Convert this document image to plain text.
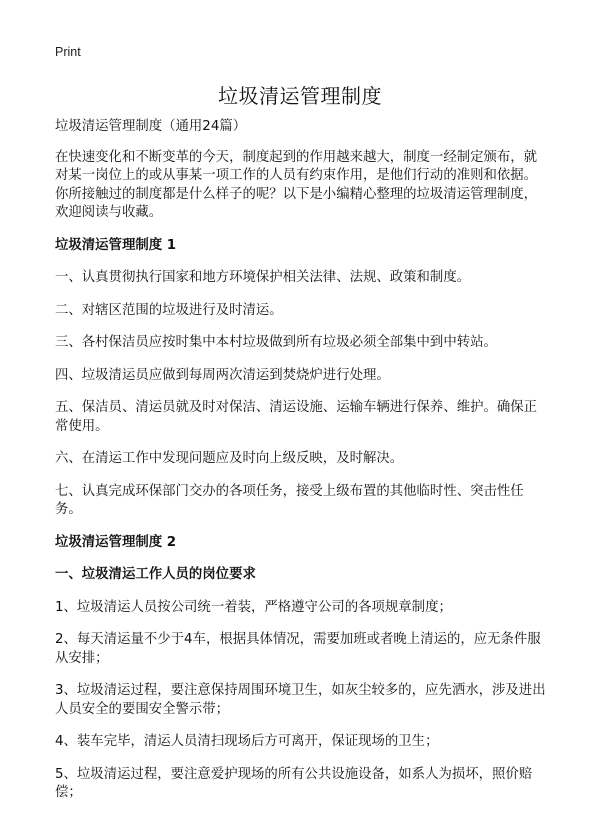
Print
垃圾清运管理制度

垃圾清运管理制度（通用24篇）

在快速变化和不断变革的今天，制度起到的作用越来越大，制度一经制定颁布，就对某一岗位上的或从事某一项工作的人员有约束作用，是他们行动的准则和依据。你所接触过的制度都是什么样子的呢？以下是小编精心整理的垃圾清运管理制度，欢迎阅读与收藏。

垃圾清运管理制度 1

一、认真贯彻执行国家和地方环境保护相关法律、法规、政策和制度。

二、对辖区范围的垃圾进行及时清运。

三、各村保洁员应按时集中本村垃圾做到所有垃圾必须全部集中到中转站。

四、垃圾清运员应做到每周两次清运到焚烧炉进行处理。

五、保洁员、清运员就及时对保洁、清运设施、运输车辆进行保养、维护。确保正常使用。

六、在清运工作中发现问题应及时向上级反映，及时解决。

七、认真完成环保部门交办的各项任务，接受上级布置的其他临时性、突击性任务。

垃圾清运管理制度 2

一、垃圾清运工作人员的岗位要求

1、垃圾清运人员按公司统一着装，严格遵守公司的各项规章制度；

2、每天清运量不少于4车，根据具体情况，需要加班或者晚上清运的，应无条件服从安排；

3、垃圾清运过程，要注意保持周围环境卫生，如灰尘较多的，应先洒水，涉及进出人员安全的要围安全警示带；

4、装车完毕，清运人员清扫现场后方可离开，保证现场的卫生；

5、垃圾清运过程，要注意爱护现场的所有公共设施设备，如系人为损坏，照价赔偿；
